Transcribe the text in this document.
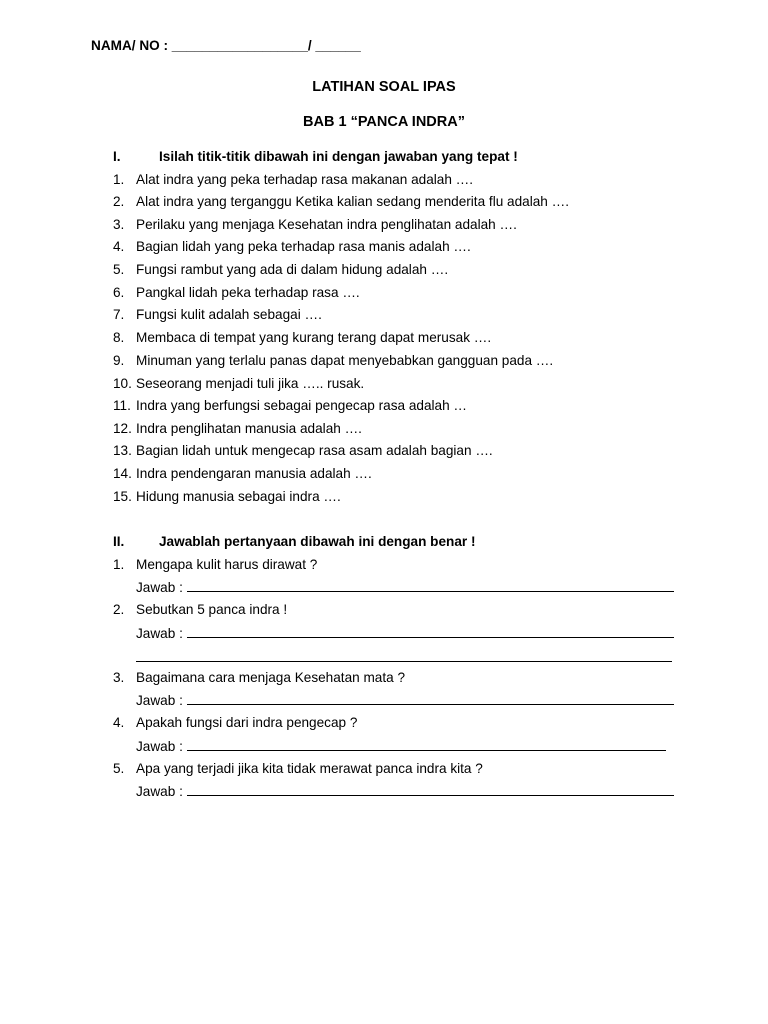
NAMA/ NO : __________________/ ______
LATIHAN SOAL IPAS
BAB 1 “PANCA INDRA”
I.	Isilah titik-titik dibawah ini dengan jawaban yang tepat !
1. Alat indra yang peka terhadap rasa makanan adalah ….
2. Alat indra yang terganggu Ketika kalian sedang menderita flu adalah ….
3. Perilaku yang menjaga Kesehatan indra penglihatan adalah ….
4. Bagian lidah yang peka terhadap rasa manis adalah ….
5. Fungsi rambut yang ada di dalam hidung adalah ….
6. Pangkal lidah peka terhadap rasa ….
7. Fungsi kulit adalah sebagai ….
8. Membaca di tempat yang kurang terang dapat merusak ….
9. Minuman yang terlalu panas dapat menyebabkan gangguan pada ….
10. Seseorang menjadi tuli jika ….. rusak.
11. Indra yang berfungsi sebagai pengecap rasa adalah …
12. Indra penglihatan manusia adalah ….
13. Bagian lidah untuk mengecap rasa asam adalah bagian ….
14. Indra pendengaran manusia adalah ….
15. Hidung manusia sebagai indra ….
II.	Jawablah pertanyaan dibawah ini dengan benar !
1. Mengapa kulit harus dirawat ?
Jawab :
2. Sebutkan 5 panca indra !
Jawab :
3. Bagaimana cara menjaga Kesehatan mata ?
Jawab :
4. Apakah fungsi dari indra pengecap ?
Jawab :
5. Apa yang terjadi jika kita tidak merawat panca indra kita ?
Jawab :
